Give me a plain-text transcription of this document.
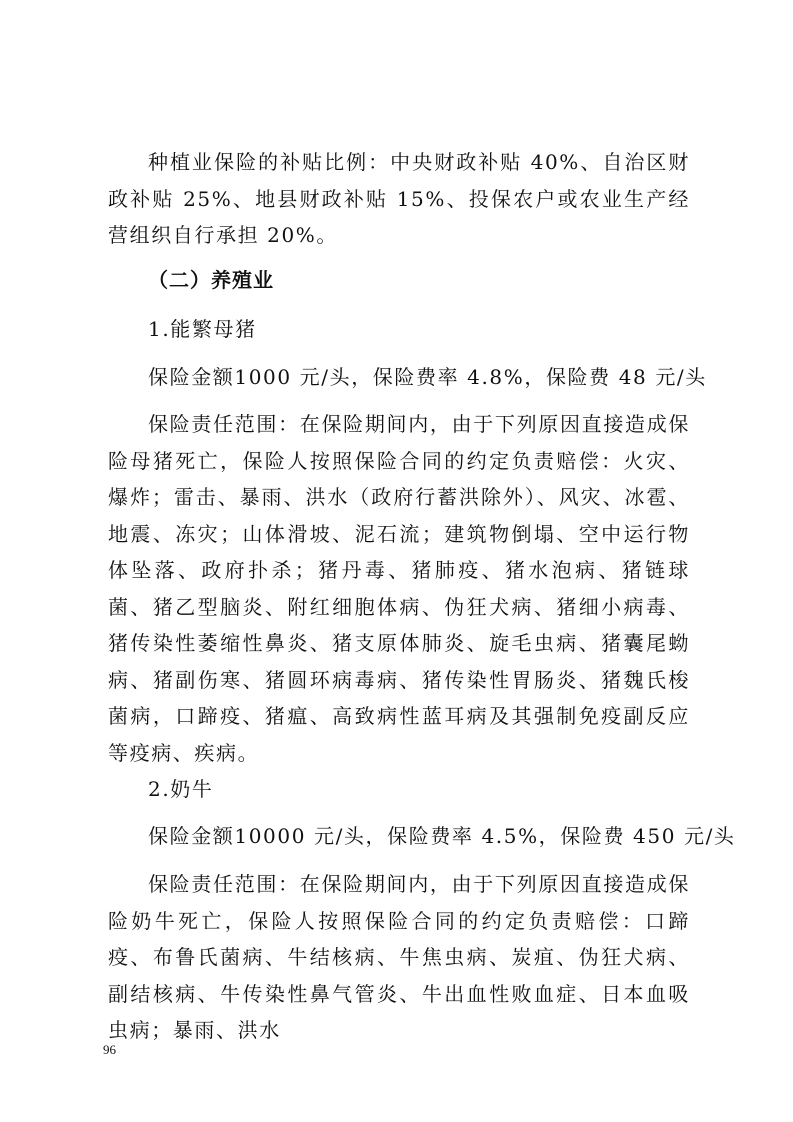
种植业保险的补贴比例：中央财政补贴 40%、自治区财政补贴 25%、地县财政补贴 15%、投保农户或农业生产经营组织自行承担 20%。

（二）养殖业

1.能繁母猪

保险金额1000 元/头，保险费率 4.8%，保险费 48 元/头

保险责任范围：在保险期间内，由于下列原因直接造成保险母猪死亡，保险人按照保险合同的约定负责赔偿：火灾、爆炸；雷击、暴雨、洪水（政府行蓄洪除外）、风灾、冰雹、地震、冻灾；山体滑坡、泥石流；建筑物倒塌、空中运行物体坠落、政府扑杀；猪丹毒、猪肺疫、猪水泡病、猪链球菌、猪乙型脑炎、附红细胞体病、伪狂犬病、猪细小病毒、猪传染性萎缩性鼻炎、猪支原体肺炎、旋毛虫病、猪囊尾蚴病、猪副伤寒、猪圆环病毒病、猪传染性胃肠炎、猪魏氏梭菌病，口蹄疫、猪瘟、高致病性蓝耳病及其强制免疫副反应等疫病、疾病。

2.奶牛

保险金额10000 元/头，保险费率 4.5%，保险费 450 元/头

保险责任范围：在保险期间内，由于下列原因直接造成保险奶牛死亡，保险人按照保险合同的约定负责赔偿：口蹄疫、布鲁氏菌病、牛结核病、牛焦虫病、炭疽、伪狂犬病、副结核病、牛传染性鼻气管炎、牛出血性败血症、日本血吸虫病；暴雨、洪水

96
